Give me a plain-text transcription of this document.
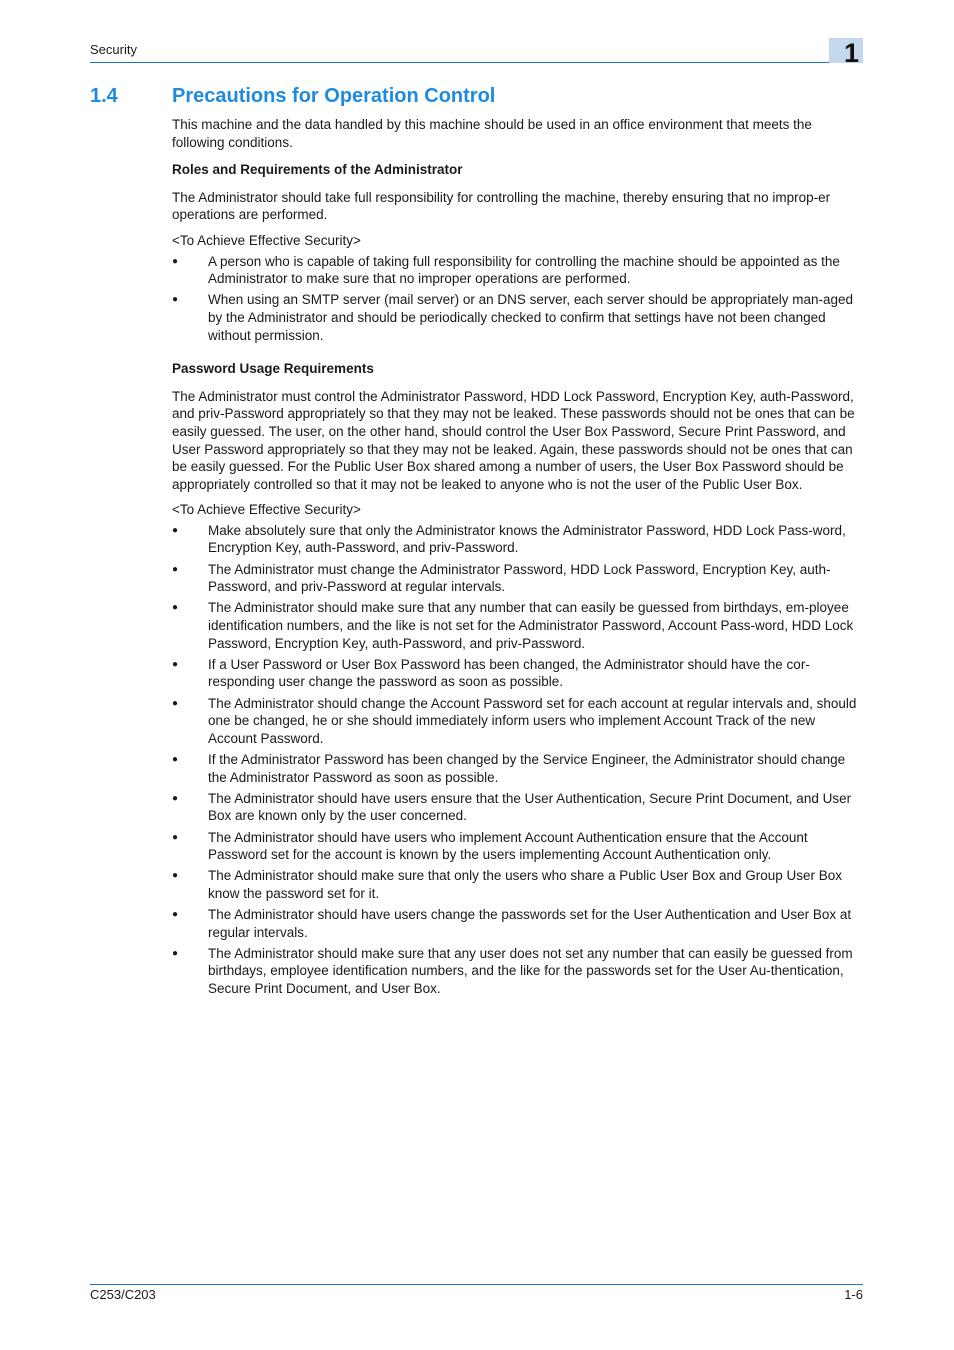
Security	1
1.4	Precautions for Operation Control

This machine and the data handled by this machine should be used in an office environment that meets the following conditions.

Roles and Requirements of the Administrator

The Administrator should take full responsibility for controlling the machine, thereby ensuring that no improp-er operations are performed.

<To Achieve Effective Security>

● A person who is capable of taking full responsibility for controlling the machine should be appointed as the Administrator to make sure that no improper operations are performed.
● When using an SMTP server (mail server) or an DNS server, each server should be appropriately man-aged by the Administrator and should be periodically checked to confirm that settings have not been changed without permission.
Password Usage Requirements

The Administrator must control the Administrator Password, HDD Lock Password, Encryption Key, auth-Password, and priv-Password appropriately so that they may not be leaked. These passwords should not be ones that can be easily guessed. The user, on the other hand, should control the User Box Password, Secure Print Password, and User Password appropriately so that they may not be leaked. Again, these passwords should not be ones that can be easily guessed. For the Public User Box shared among a number of users, the User Box Password should be appropriately controlled so that it may not be leaked to anyone who is not the user of the Public User Box.

<To Achieve Effective Security>

● Make absolutely sure that only the Administrator knows the Administrator Password, HDD Lock Pass-word, Encryption Key, auth-Password, and priv-Password.
● The Administrator must change the Administrator Password, HDD Lock Password, Encryption Key, auth-Password, and priv-Password at regular intervals.
● The Administrator should make sure that any number that can easily be guessed from birthdays, em-ployee identification numbers, and the like is not set for the Administrator Password, Account Pass-word, HDD Lock Password, Encryption Key, auth-Password, and priv-Password.
● If a User Password or User Box Password has been changed, the Administrator should have the cor-responding user change the password as soon as possible.
● The Administrator should change the Account Password set for each account at regular intervals and, should one be changed, he or she should immediately inform users who implement Account Track of the new Account Password.
● If the Administrator Password has been changed by the Service Engineer, the Administrator should change the Administrator Password as soon as possible.
● The Administrator should have users ensure that the User Authentication, Secure Print Document, and User Box are known only by the user concerned.
● The Administrator should have users who implement Account Authentication ensure that the Account Password set for the account is known by the users implementing Account Authentication only.
● The Administrator should make sure that only the users who share a Public User Box and Group User Box know the password set for it.
● The Administrator should have users change the passwords set for the User Authentication and User Box at regular intervals.
● The Administrator should make sure that any user does not set any number that can easily be guessed from birthdays, employee identification numbers, and the like for the passwords set for the User Au-thentication, Secure Print Document, and User Box.
C253/C203	1-6
